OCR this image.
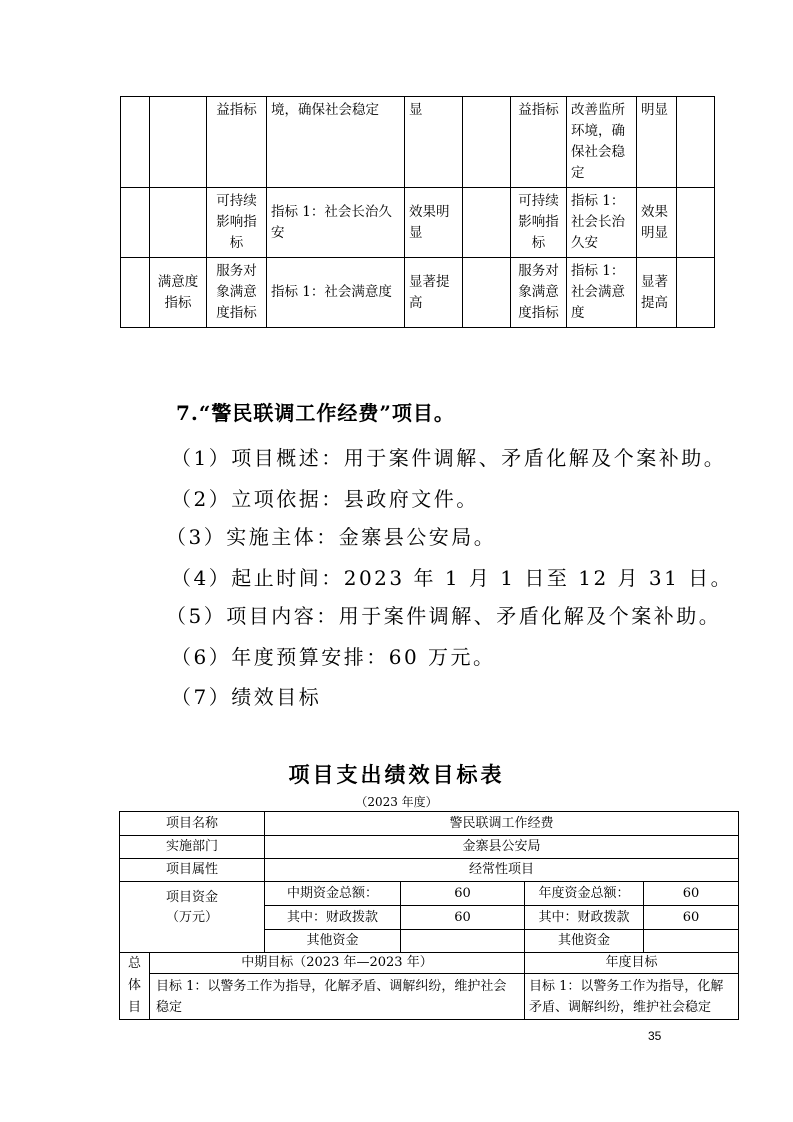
		益指标	境，确保社会稳定	显		益指标	改善监所环境，确保社会稳定	明显	
		可持续影响指标	指标 1：社会长治久安	效果明显		可持续影响指标	指标 1：社会长治久安	效果明显	
	满意度指标	服务对象满意度指标	指标 1：社会满意度	显著提高		服务对象满意度指标	指标 1：社会满意度	显著提高	
7.“警民联调工作经费”项目。
（1）项目概述：用于案件调解、矛盾化解及个案补助。
（2）立项依据：县政府文件。
（3）实施主体：金寨县公安局。
（4）起止时间：2023 年 1 月 1 日至 12 月 31 日。
（5）项目内容：用于案件调解、矛盾化解及个案补助。
（6）年度预算安排：60 万元。
（7）绩效目标
项目支出绩效目标表
（2023 年度）
项目名称		警民联调工作经费			
实施部门		金寨县公安局			
项目属性		经常性项目			

项目资金
（万元）		中期资金总额：	60	年度资金总额：	60
		其中：财政拨款	60	其中：财政拨款	60
		其他资金		其他资金	

总
体
目	中期目标（2023 年—2023 年）			年度目标	
	目标 1：以警务工作为指导，化解矛盾、调解纠纷，维护社会稳定			目标 1：以警务工作为指导，化解矛盾、调解纠纷，维护社会稳定	
35
